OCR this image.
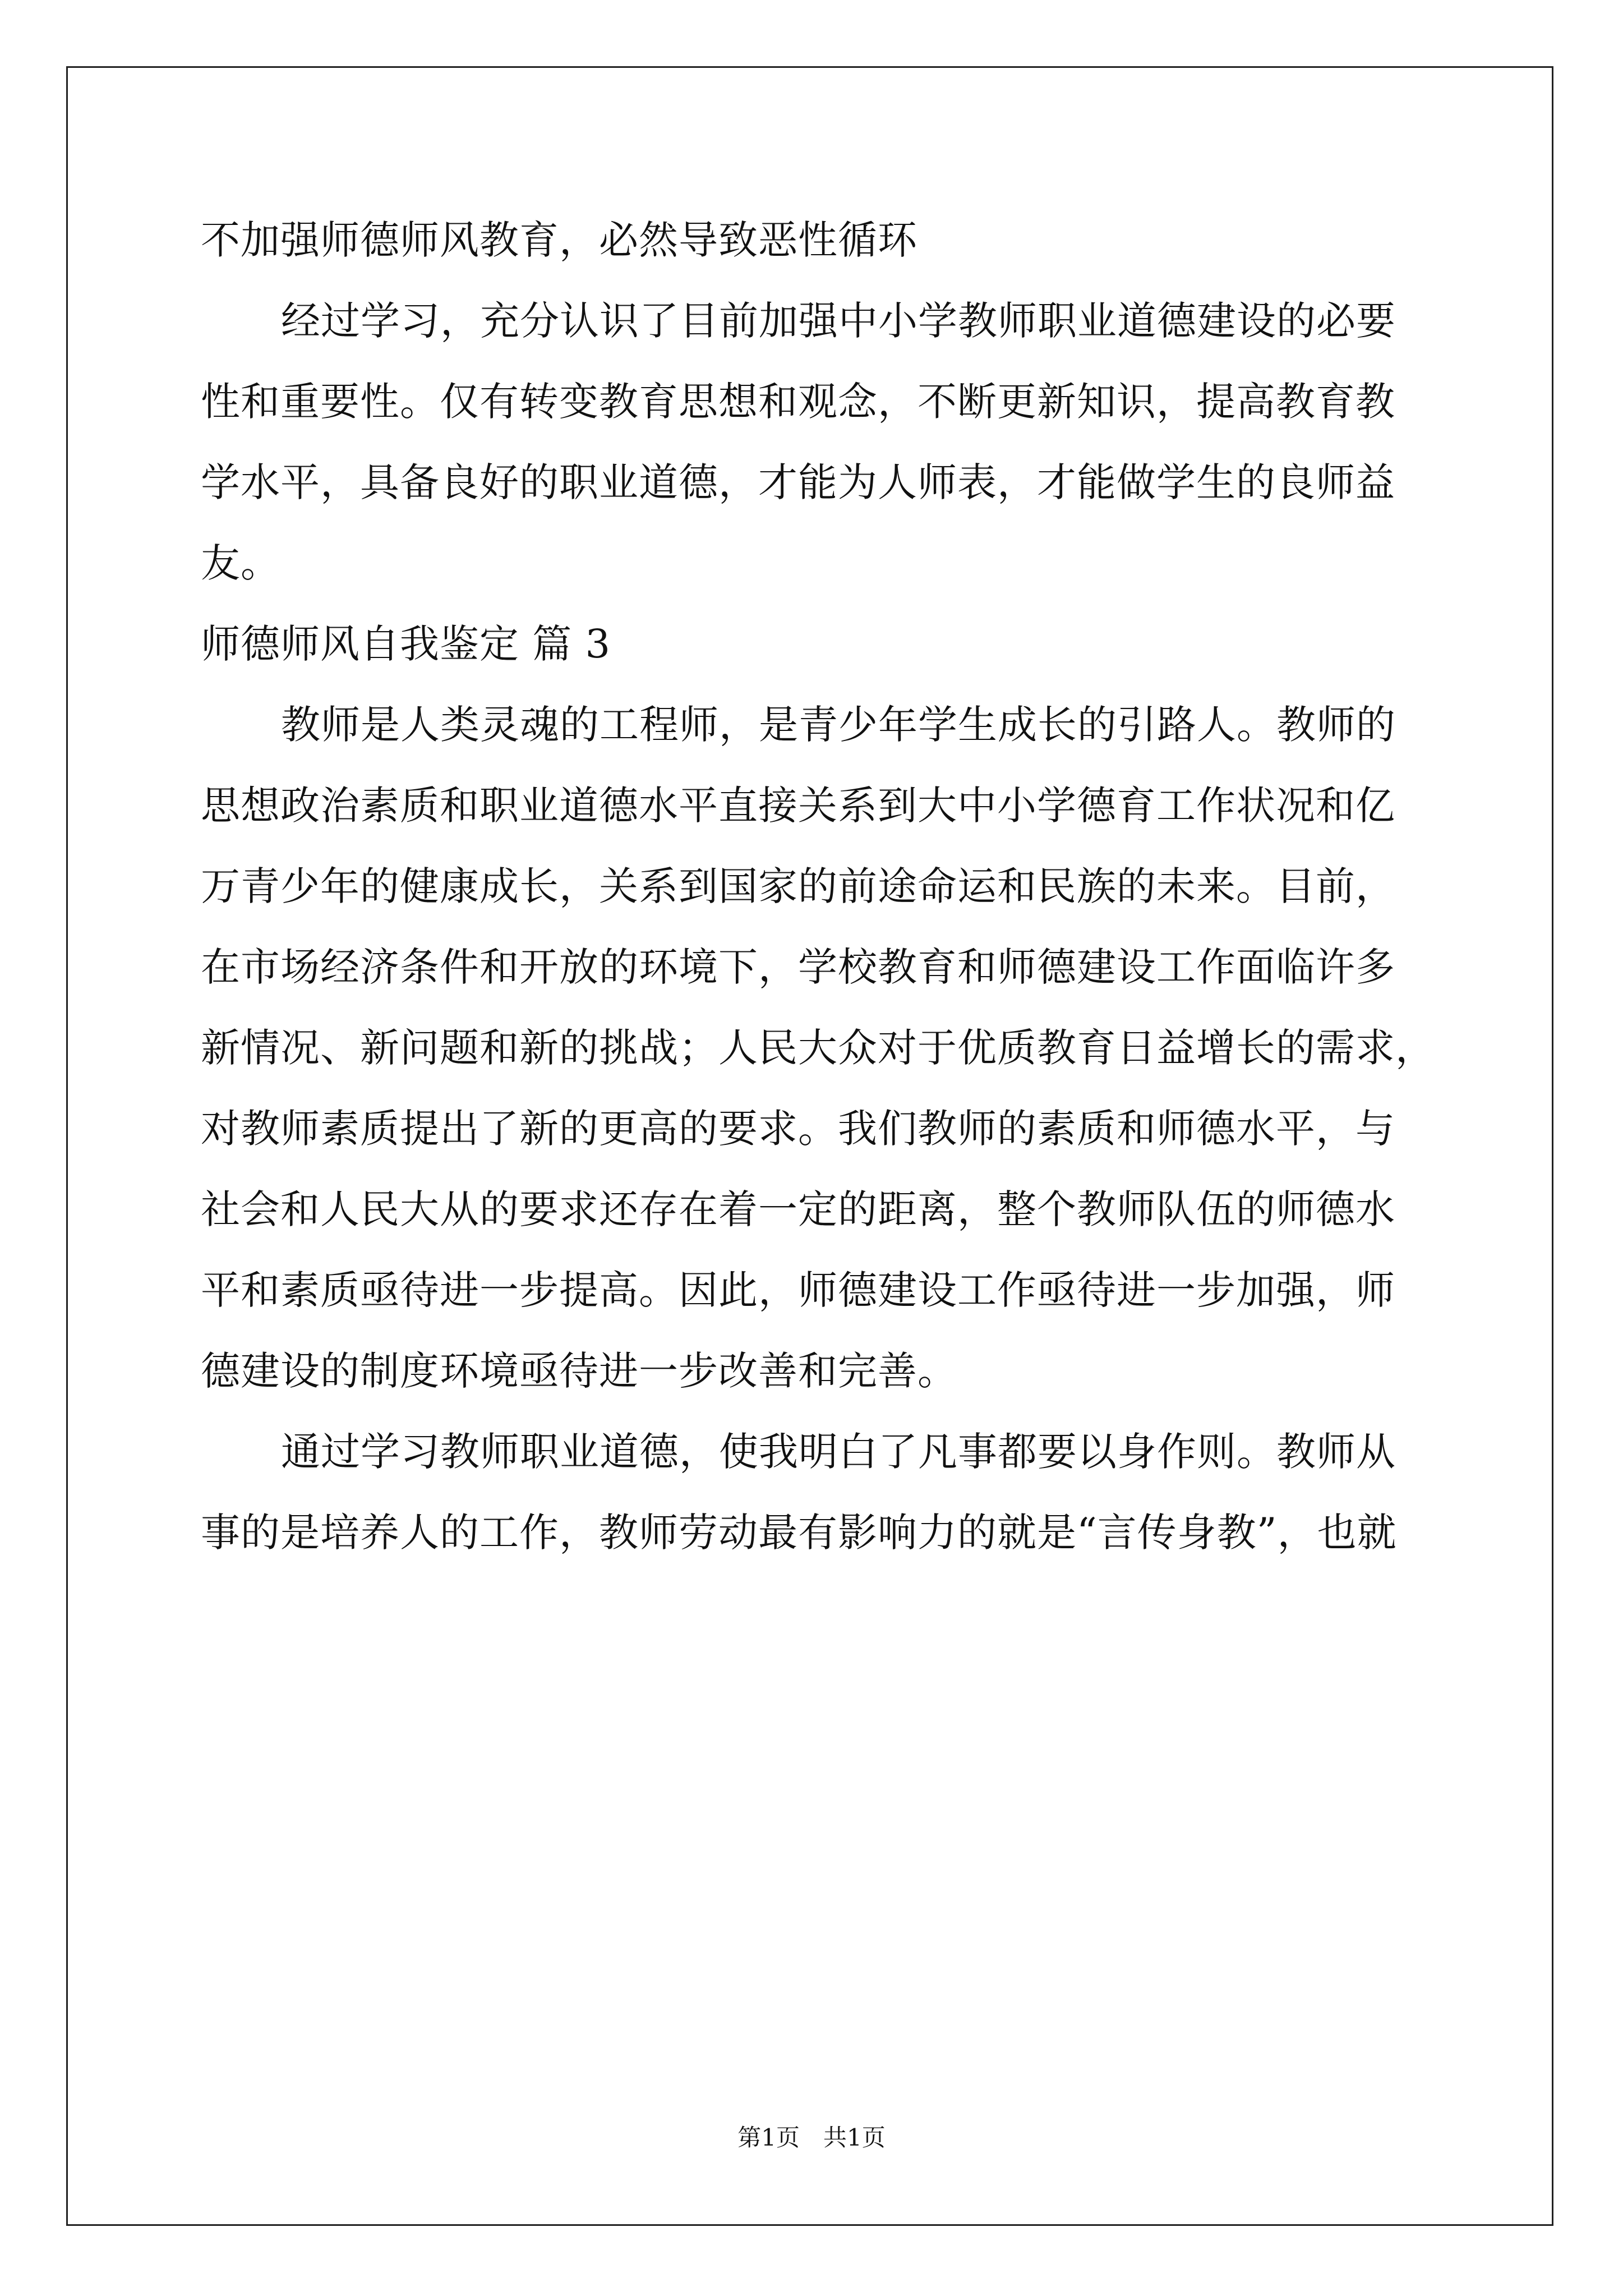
不加强师德师风教育，必然导致恶性循环
经过学习，充分认识了目前加强中小学教师职业道德建设的必要
性和重要性。仅有转变教育思想和观念，不断更新知识，提高教育教
学水平，具备良好的职业道德，才能为人师表，才能做学生的良师益
友。
师德师风自我鉴定 篇 3
教师是人类灵魂的工程师，是青少年学生成长的引路人。教师的
思想政治素质和职业道德水平直接关系到大中小学德育工作状况和亿
万青少年的健康成长，关系到国家的前途命运和民族的未来。目前，
在市场经济条件和开放的环境下，学校教育和师德建设工作面临许多
新情况、新问题和新的挑战；人民大众对于优质教育日益增长的需求，
对教师素质提出了新的更高的要求。我们教师的素质和师德水平，与
社会和人民大从的要求还存在着一定的距离，整个教师队伍的师德水
平和素质亟待进一步提高。因此，师德建设工作亟待进一步加强，师
德建设的制度环境亟待进一步改善和完善。
通过学习教师职业道德，使我明白了凡事都要以身作则。教师从
事的是培养人的工作，教师劳动最有影响力的就是“言传身教”，也就
第1页　共1页
